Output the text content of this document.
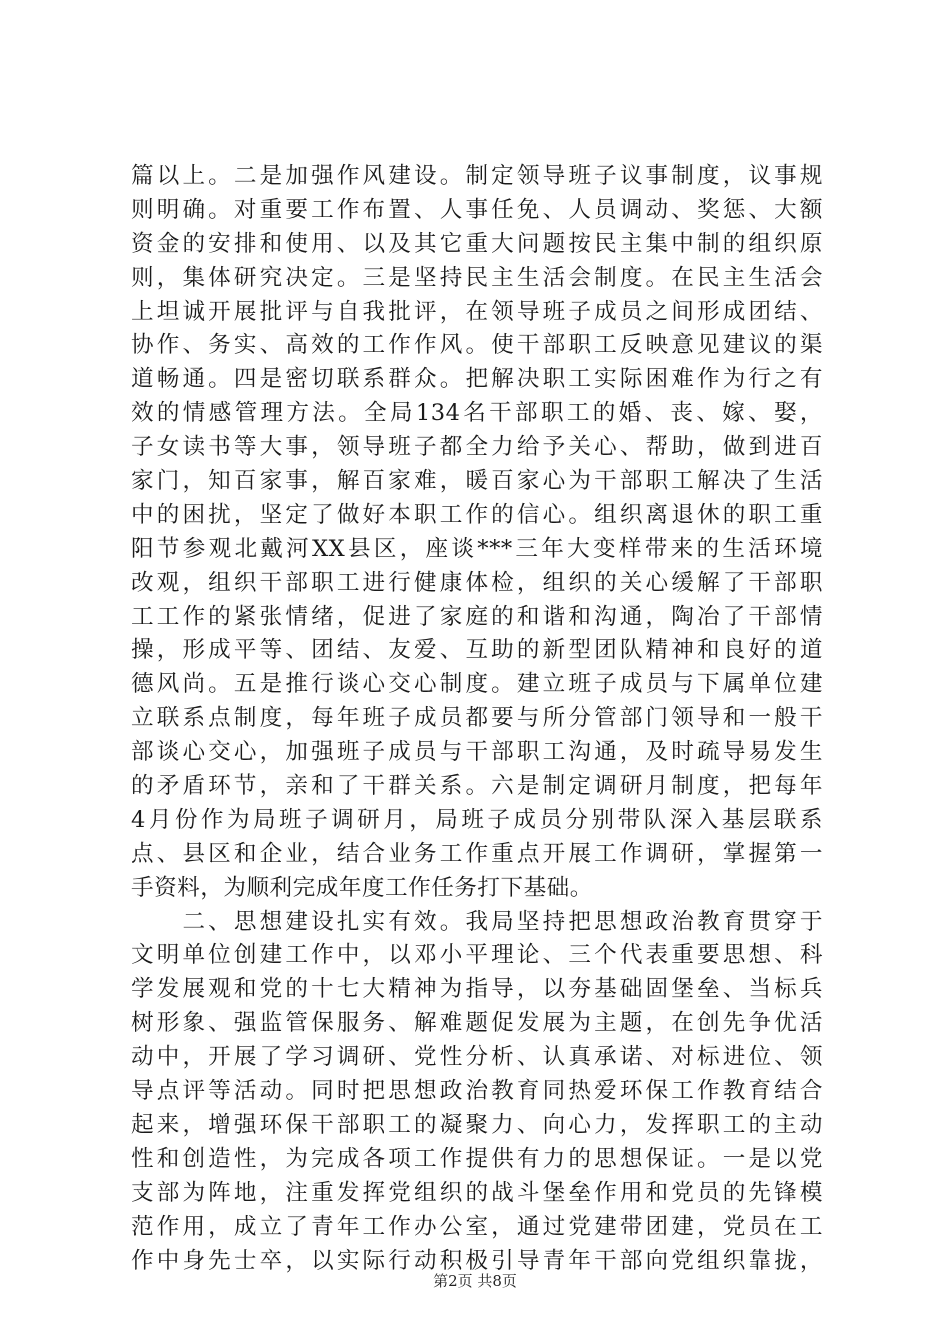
篇以上。二是加强作风建设。制定领导班子议事制度，议事规
则明确。对重要工作布置、人事任免、人员调动、奖惩、大额
资金的安排和使用、以及其它重大问题按民主集中制的组织原
则，集体研究决定。三是坚持民主生活会制度。在民主生活会
上坦诚开展批评与自我批评，在领导班子成员之间形成团结、
协作、务实、高效的工作作风。使干部职工反映意见建议的渠
道畅通。四是密切联系群众。把解决职工实际困难作为行之有
效的情感管理方法。全局134名干部职工的婚、丧、嫁、娶，
子女读书等大事，领导班子都全力给予关心、帮助，做到进百
家门，知百家事，解百家难，暖百家心为干部职工解决了生活
中的困扰，坚定了做好本职工作的信心。组织离退休的职工重
阳节参观北戴河XX县区，座谈***三年大变样带来的生活环境
改观，组织干部职工进行健康体检，组织的关心缓解了干部职
工工作的紧张情绪，促进了家庭的和谐和沟通，陶冶了干部情
操，形成平等、团结、友爱、互助的新型团队精神和良好的道
德风尚。五是推行谈心交心制度。建立班子成员与下属单位建
立联系点制度，每年班子成员都要与所分管部门领导和一般干
部谈心交心，加强班子成员与干部职工沟通，及时疏导易发生
的矛盾环节，亲和了干群关系。六是制定调研月制度，把每年
4月份作为局班子调研月，局班子成员分别带队深入基层联系
点、县区和企业，结合业务工作重点开展工作调研，掌握第一
手资料，为顺利完成年度工作任务打下基础。
　　二、思想建设扎实有效。我局坚持把思想政治教育贯穿于
文明单位创建工作中，以邓小平理论、三个代表重要思想、科
学发展观和党的十七大精神为指导，以夯基础固堡垒、当标兵
树形象、强监管保服务、解难题促发展为主题，在创先争优活
动中，开展了学习调研、党性分析、认真承诺、对标进位、领
导点评等活动。同时把思想政治教育同热爱环保工作教育结合
起来，增强环保干部职工的凝聚力、向心力，发挥职工的主动
性和创造性，为完成各项工作提供有力的思想保证。一是以党
支部为阵地，注重发挥党组织的战斗堡垒作用和党员的先锋模
范作用，成立了青年工作办公室，通过党建带团建，党员在工
作中身先士卒，以实际行动积极引导青年干部向党组织靠拢，
第2页 共8页
